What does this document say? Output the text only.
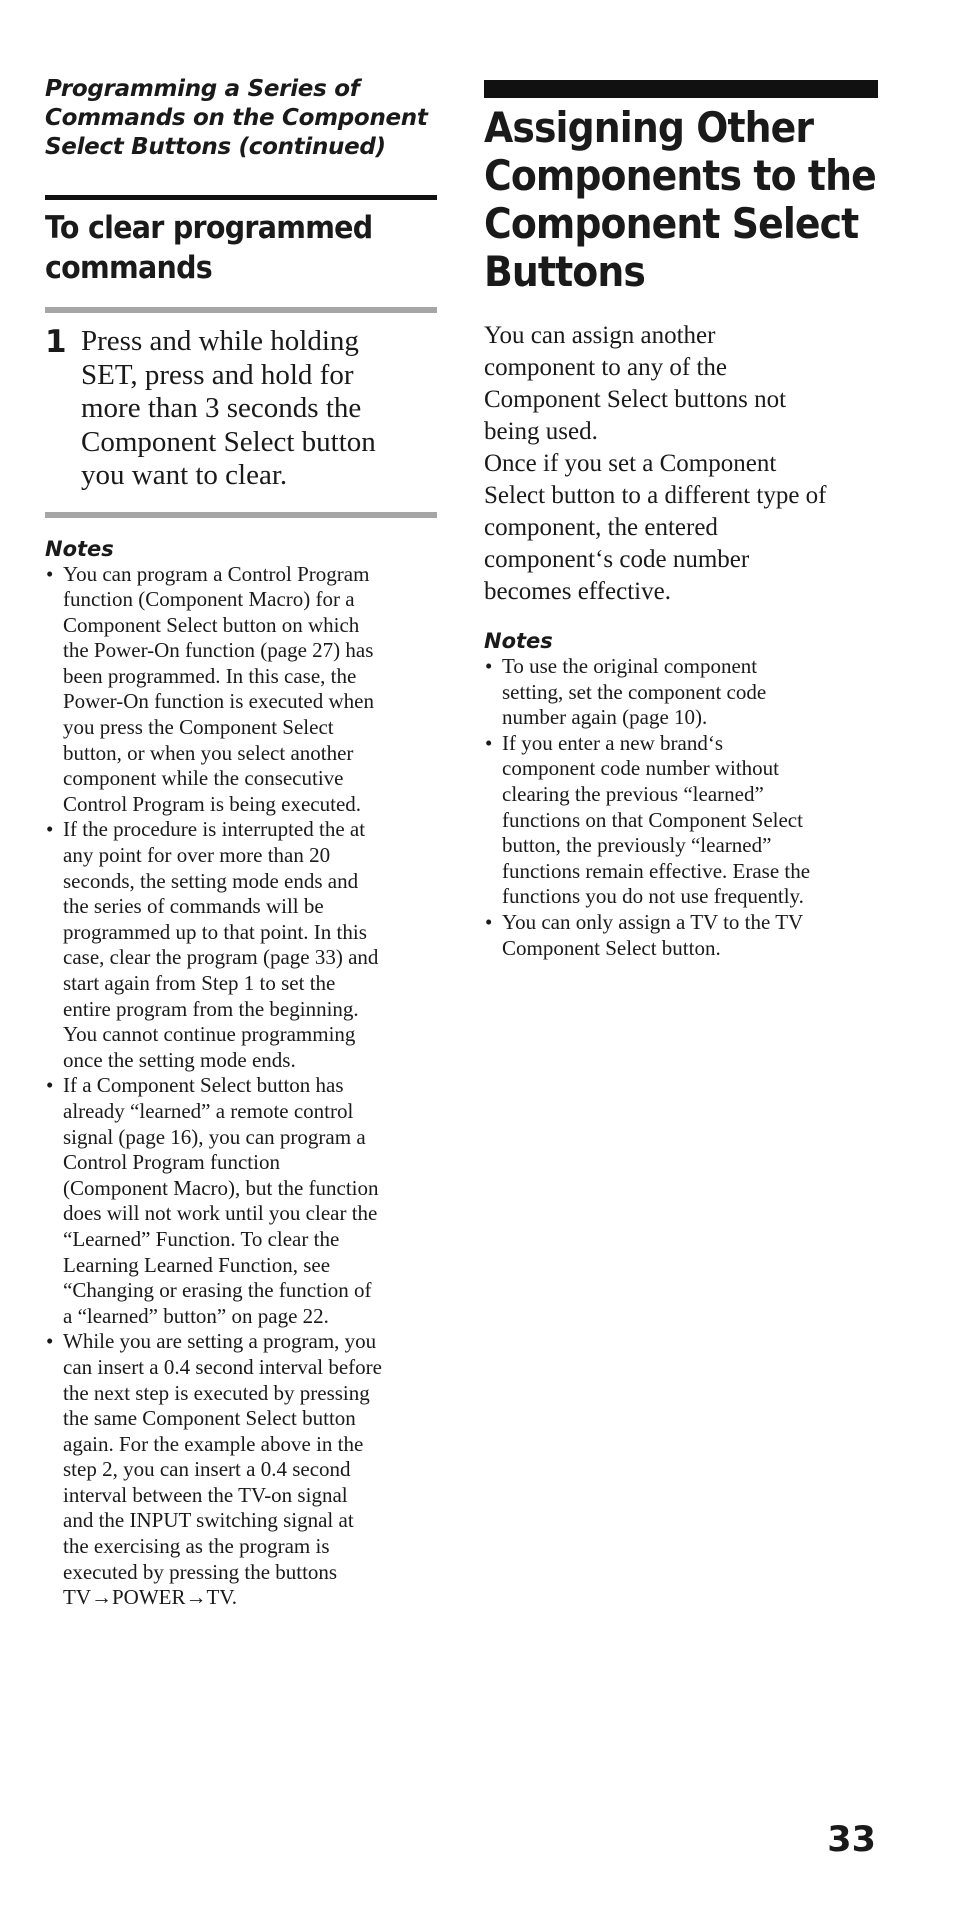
Programming a Series of
Commands on the Component
Select Buttons (continued)
To clear programmed
commands
1 Press and while holding
SET, press and hold for
more than 3 seconds the
Component Select button
you want to clear.
Notes
• You can program a Control Program
function (Component Macro) for a
Component Select button on which
the Power-On function (page 27) has
been programmed. In this case, the
Power-On function is executed when
you press the Component Select
button, or when you select another
component while the consecutive
Control Program is being executed.
• If the procedure is interrupted the at
any point for over more than 20
seconds, the setting mode ends and
the series of commands will be
programmed up to that point. In this
case, clear the program (page 33) and
start again from Step 1 to set the
entire program from the beginning.
You cannot continue programming
once the setting mode ends.
• If a Component Select button has
already “learned” a remote control
signal (page 16), you can program a
Control Program function
(Component Macro), but the function
does will not work until you clear the
“Learned” Function. To clear the
Learning Learned Function, see
“Changing or erasing the function of
a “learned” button” on page 22.
• While you are setting a program, you
can insert a 0.4 second interval before
the next step is executed by pressing
the same Component Select button
again. For the example above in the
step 2, you can insert a 0.4 second
interval between the TV-on signal
and the INPUT switching signal at
the exercising as the program is
executed by pressing the buttons
TV→POWER→TV.
Assigning Other
Components to the
Component Select
Buttons
You can assign another
component to any of the
Component Select buttons not
being used.
Once if you set a Component
Select button to a different type of
component, the entered
component‘s code number
becomes effective.
Notes
• To use the original component
setting, set the component code
number again (page 10).
• If you enter a new brand‘s
component code number without
clearing the previous “learned”
functions on that Component Select
button, the previously “learned”
functions remain effective. Erase the
functions you do not use frequently.
• You can only assign a TV to the TV
Component Select button.
33
